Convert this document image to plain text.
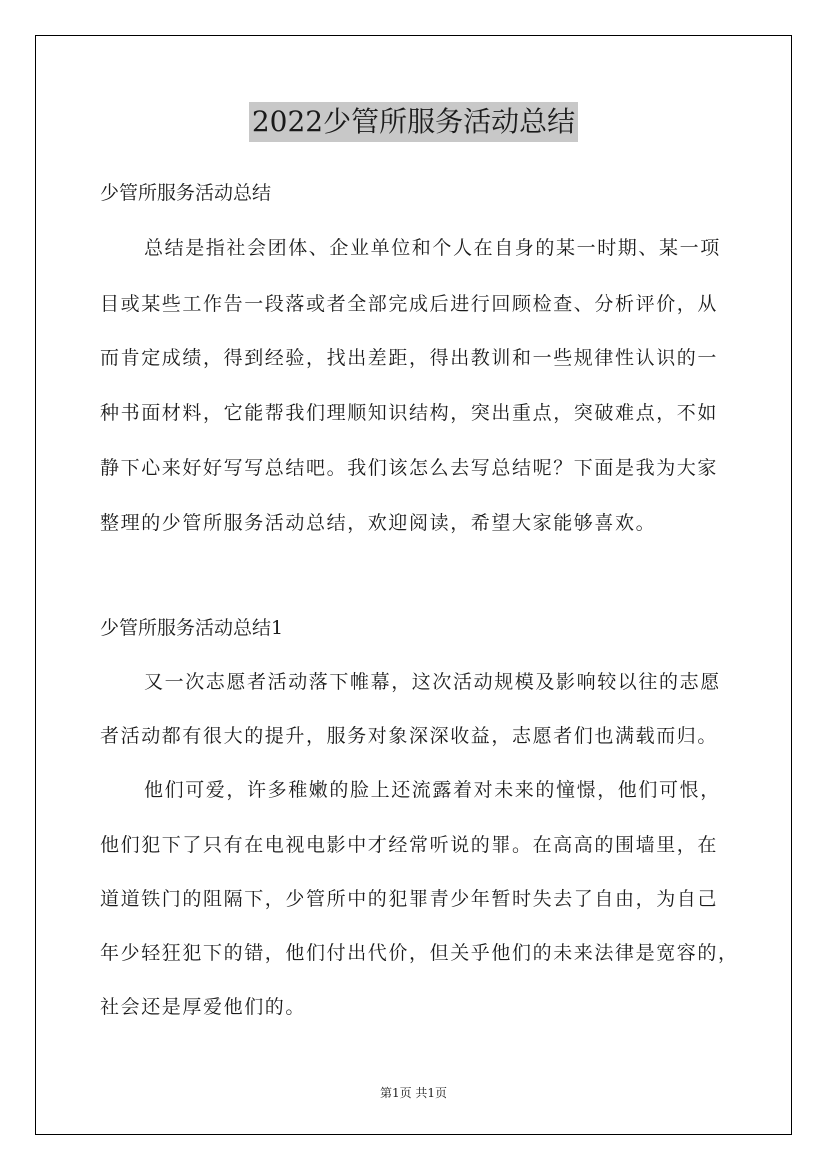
2022少管所服务活动总结
少管所服务活动总结
总结是指社会团体、企业单位和个人在自身的某一时期、某一项
目或某些工作告一段落或者全部完成后进行回顾检查、分析评价，从
而肯定成绩，得到经验，找出差距，得出教训和一些规律性认识的一
种书面材料，它能帮我们理顺知识结构，突出重点，突破难点，不如
静下心来好好写写总结吧。我们该怎么去写总结呢？下面是我为大家
整理的少管所服务活动总结，欢迎阅读，希望大家能够喜欢。
少管所服务活动总结1
又一次志愿者活动落下帷幕，这次活动规模及影响较以往的志愿
者活动都有很大的提升，服务对象深深收益，志愿者们也满载而归。
他们可爱，许多稚嫩的脸上还流露着对未来的憧憬，他们可恨，
他们犯下了只有在电视电影中才经常听说的罪。在高高的围墙里，在
道道铁门的阻隔下，少管所中的犯罪青少年暂时失去了自由，为自己
年少轻狂犯下的错，他们付出代价，但关乎他们的未来法律是宽容的，
社会还是厚爱他们的。
第1页 共1页
